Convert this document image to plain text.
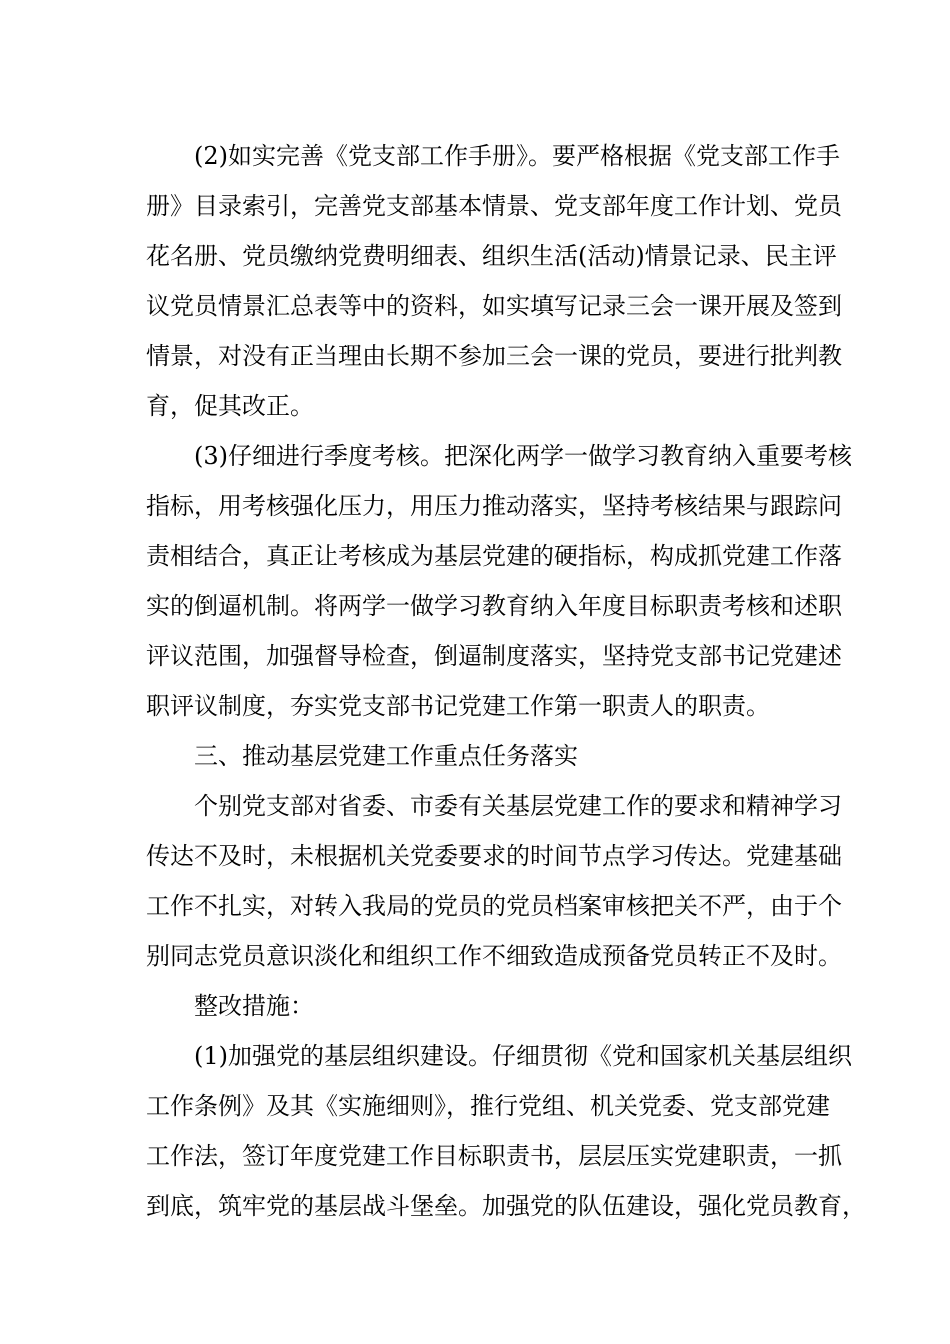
(2)如实完善《党支部工作手册》。要严格根据《党支部工作手

册》目录索引，完善党支部基本情景、党支部年度工作计划、党员

花名册、党员缴纳党费明细表、组织生活(活动)情景记录、民主评

议党员情景汇总表等中的资料，如实填写记录三会一课开展及签到

情景，对没有正当理由长期不参加三会一课的党员，要进行批判教

育，促其改正。

(3)仔细进行季度考核。把深化两学一做学习教育纳入重要考核

指标，用考核强化压力，用压力推动落实，坚持考核结果与跟踪问

责相结合，真正让考核成为基层党建的硬指标，构成抓党建工作落

实的倒逼机制。将两学一做学习教育纳入年度目标职责考核和述职

评议范围，加强督导检查，倒逼制度落实，坚持党支部书记党建述

职评议制度，夯实党支部书记党建工作第一职责人的职责。

三、推动基层党建工作重点任务落实

个别党支部对省委、市委有关基层党建工作的要求和精神学习

传达不及时，未根据机关党委要求的时间节点学习传达。党建基础

工作不扎实，对转入我局的党员的党员档案审核把关不严，由于个

别同志党员意识淡化和组织工作不细致造成预备党员转正不及时。

整改措施：

(1)加强党的基层组织建设。仔细贯彻《党和国家机关基层组织

工作条例》及其《实施细则》，推行党组、机关党委、党支部党建

工作法，签订年度党建工作目标职责书，层层压实党建职责，一抓

到底，筑牢党的基层战斗堡垒。加强党的队伍建设，强化党员教育，
